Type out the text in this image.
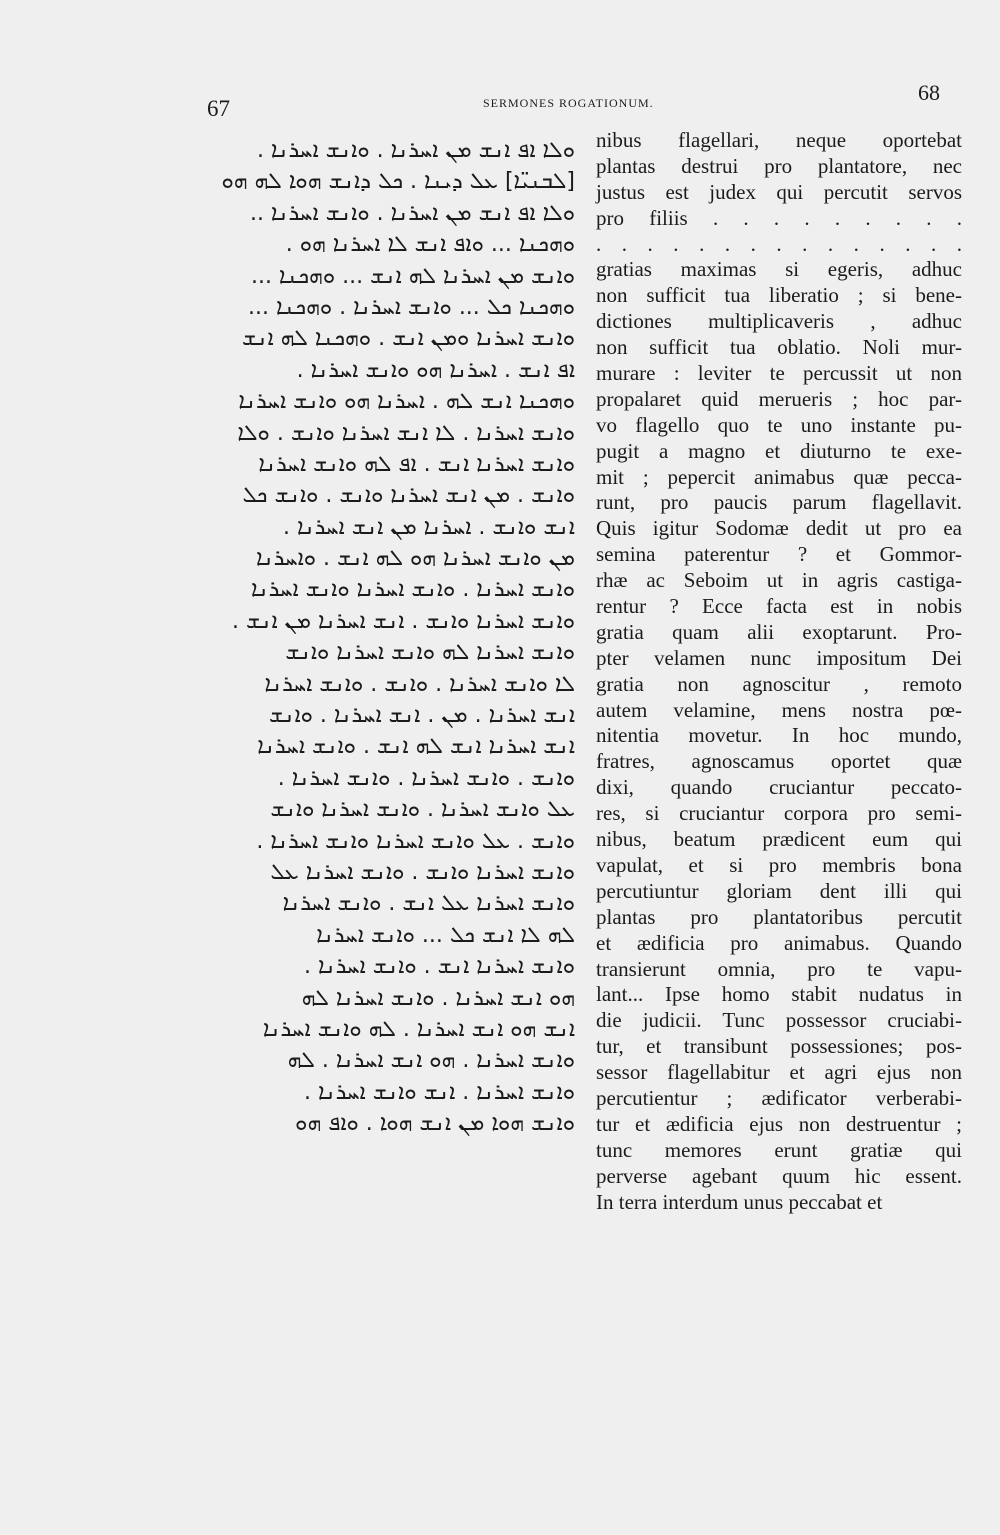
67	SERMONES ROGATIONUM.	68
ܘܠܐ ܐܦ ܐܢܫ ܡܢ ܐܚܪܢܐ . ܘܐܢܫ ܐܚܪܢܐ .
[ܠܒܢܝ̈ܐ] ܥܠ ܕܝܢܐ . ܟܠ ܕܐܢܫ ܗܘܐ ܠܗ ܗܘ
ܘܠܐ ܐܦ ܐܢܫ ܡܢ ܐܚܪܢܐ . ܘܐܢܫ ܐܚܪܢܐ ..
ܘܗܟܢܐ ... ܘܐܦ ܐܢܫ ܠܐ ܐܚܪܢܐ ܗܘ .
ܘܐܢܫ ܡܢ ܐܚܪܢܐ ܠܗ ܐܢܫ ... ܘܗܟܢܐ ...
ܘܗܟܢܐ ܟܠ ... ܘܐܢܫ ܐܚܪܢܐ . ܘܗܟܢܐ ...
ܘܐܢܫ ܐܚܪܢܐ ܘܡܢ ܐܢܫ . ܘܗܟܢܐ ܠܗ ܐܢܫ
ܐܦ ܐܢܫ . ܐܚܪܢܐ ܗܘ ܘܐܢܫ ܐܚܪܢܐ .
ܘܗܟܢܐ ܐܢܫ ܠܗ . ܐܚܪܢܐ ܗܘ ܘܐܢܫ ܐܚܪܢܐ
ܘܐܢܫ ܐܚܪܢܐ . ܠܐ ܐܢܫ ܐܚܪܢܐ ܘܐܢܫ . ܘܠܐ
ܘܐܢܫ ܐܚܪܢܐ ܐܢܫ . ܐܦ ܠܗ ܘܐܢܫ ܐܚܪܢܐ
ܘܐܢܫ . ܡܢ ܐܢܫ ܐܚܪܢܐ ܘܐܢܫ . ܘܐܢܫ ܟܠ
ܐܢܫ ܘܐܢܫ . ܐܚܪܢܐ ܡܢ ܐܢܫ ܐܚܪܢܐ .
ܡܢ ܘܐܢܫ ܐܚܪܢܐ ܗܘ ܠܗ ܐܢܫ . ܘܐܚܪܢܐ
ܘܐܢܫ ܐܚܪܢܐ . ܘܐܢܫ ܐܚܪܢܐ ܘܐܢܫ ܐܚܪܢܐ
ܘܐܢܫ ܐܚܪܢܐ ܘܐܢܫ . ܐܢܫ ܐܚܪܢܐ ܡܢ ܐܢܫ .
ܘܐܢܫ ܐܚܪܢܐ ܠܗ ܘܐܢܫ ܐܚܪܢܐ ܘܐܢܫ
ܠܐ ܘܐܢܫ ܐܚܪܢܐ . ܘܐܢܫ . ܘܐܢܫ ܐܚܪܢܐ
ܐܢܫ ܐܚܪܢܐ . ܡܢ . ܐܢܫ ܐܚܪܢܐ . ܘܐܢܫ
ܐܢܫ ܐܚܪܢܐ ܐܢܫ ܠܗ ܐܢܫ . ܘܐܢܫ ܐܚܪܢܐ
ܘܐܢܫ . ܘܐܢܫ ܐܚܪܢܐ . ܘܐܢܫ ܐܚܪܢܐ .
ܥܠ ܘܐܢܫ ܐܚܪܢܐ . ܘܐܢܫ ܐܚܪܢܐ ܘܐܢܫ
ܘܐܢܫ . ܥܠ ܘܐܢܫ ܐܚܪܢܐ ܘܐܢܫ ܐܚܪܢܐ .
ܘܐܢܫ ܐܚܪܢܐ ܘܐܢܫ . ܘܐܢܫ ܐܚܪܢܐ ܥܠ
ܘܐܢܫ ܐܚܪܢܐ ܥܠ ܐܢܫ . ܘܐܢܫ ܐܚܪܢܐ
ܠܗ ܠܐ ܐܢܫ ܟܠ ... ܘܐܢܫ ܐܚܪܢܐ
ܘܐܢܫ ܐܚܪܢܐ ܐܢܫ . ܘܐܢܫ ܐܚܪܢܐ .
ܗܘ ܐܢܫ ܐܚܪܢܐ . ܘܐܢܫ ܐܚܪܢܐ ܠܗ
ܐܢܫ ܗܘ ܐܢܫ ܐܚܪܢܐ . ܠܗ ܘܐܢܫ ܐܚܪܢܐ
ܘܐܢܫ ܐܚܪܢܐ . ܗܘ ܐܢܫ ܐܚܪܢܐ . ܠܗ
ܘܐܢܫ ܐܚܪܢܐ . ܐܢܫ ܘܐܢܫ ܐܚܪܢܐ .
ܘܐܢܫ ܗܘܐ ܡܢ ܐܢܫ ܗܘܐ . ܘܐܦ ܗܘ
nibus flagellari, neque oportebat
plantas destrui pro plantatore, nec
justus est judex qui percutit servos
pro filiis . . . . . . . . .
. . . . . . . . . . . . . . .
gratias maximas si egeris, adhuc
non sufficit tua liberatio ; si bene-
dictiones multiplicaveris , adhuc
non sufficit tua oblatio. Noli mur-
murare : leviter te percussit ut non
propalaret quid merueris ; hoc par-
vo flagello quo te uno instante pu-
pugit a magno et diuturno te exe-
mit ; pepercit animabus quæ pecca-
runt, pro paucis parum flagellavit.
Quis igitur Sodomæ dedit ut pro ea
semina paterentur ? et Gommor-
rhæ ac Seboim ut in agris castiga-
rentur ? Ecce facta est in nobis
gratia quam alii exoptarunt. Pro-
pter velamen nunc impositum Dei
gratia non agnoscitur , remoto
autem velamine, mens nostra pœ-
nitentia movetur. In hoc mundo,
fratres, agnoscamus oportet quæ
dixi, quando cruciantur peccato-
res, si cruciantur corpora pro semi-
nibus, beatum prædicent eum qui
vapulat, et si pro membris bona
percutiuntur gloriam dent illi qui
plantas pro plantatoribus percutit
et ædificia pro animabus. Quando
transierunt omnia, pro te vapu-
lant... Ipse homo stabit nudatus in
die judicii. Tunc possessor cruciabi-
tur, et transibunt possessiones; pos-
sessor flagellabitur et agri ejus non
percutientur ; ædificator verberabi-
tur et ædificia ejus non destruentur ;
tunc memores erunt gratiæ qui
perverse agebant quum hic essent.
In terra interdum unus peccabat et
